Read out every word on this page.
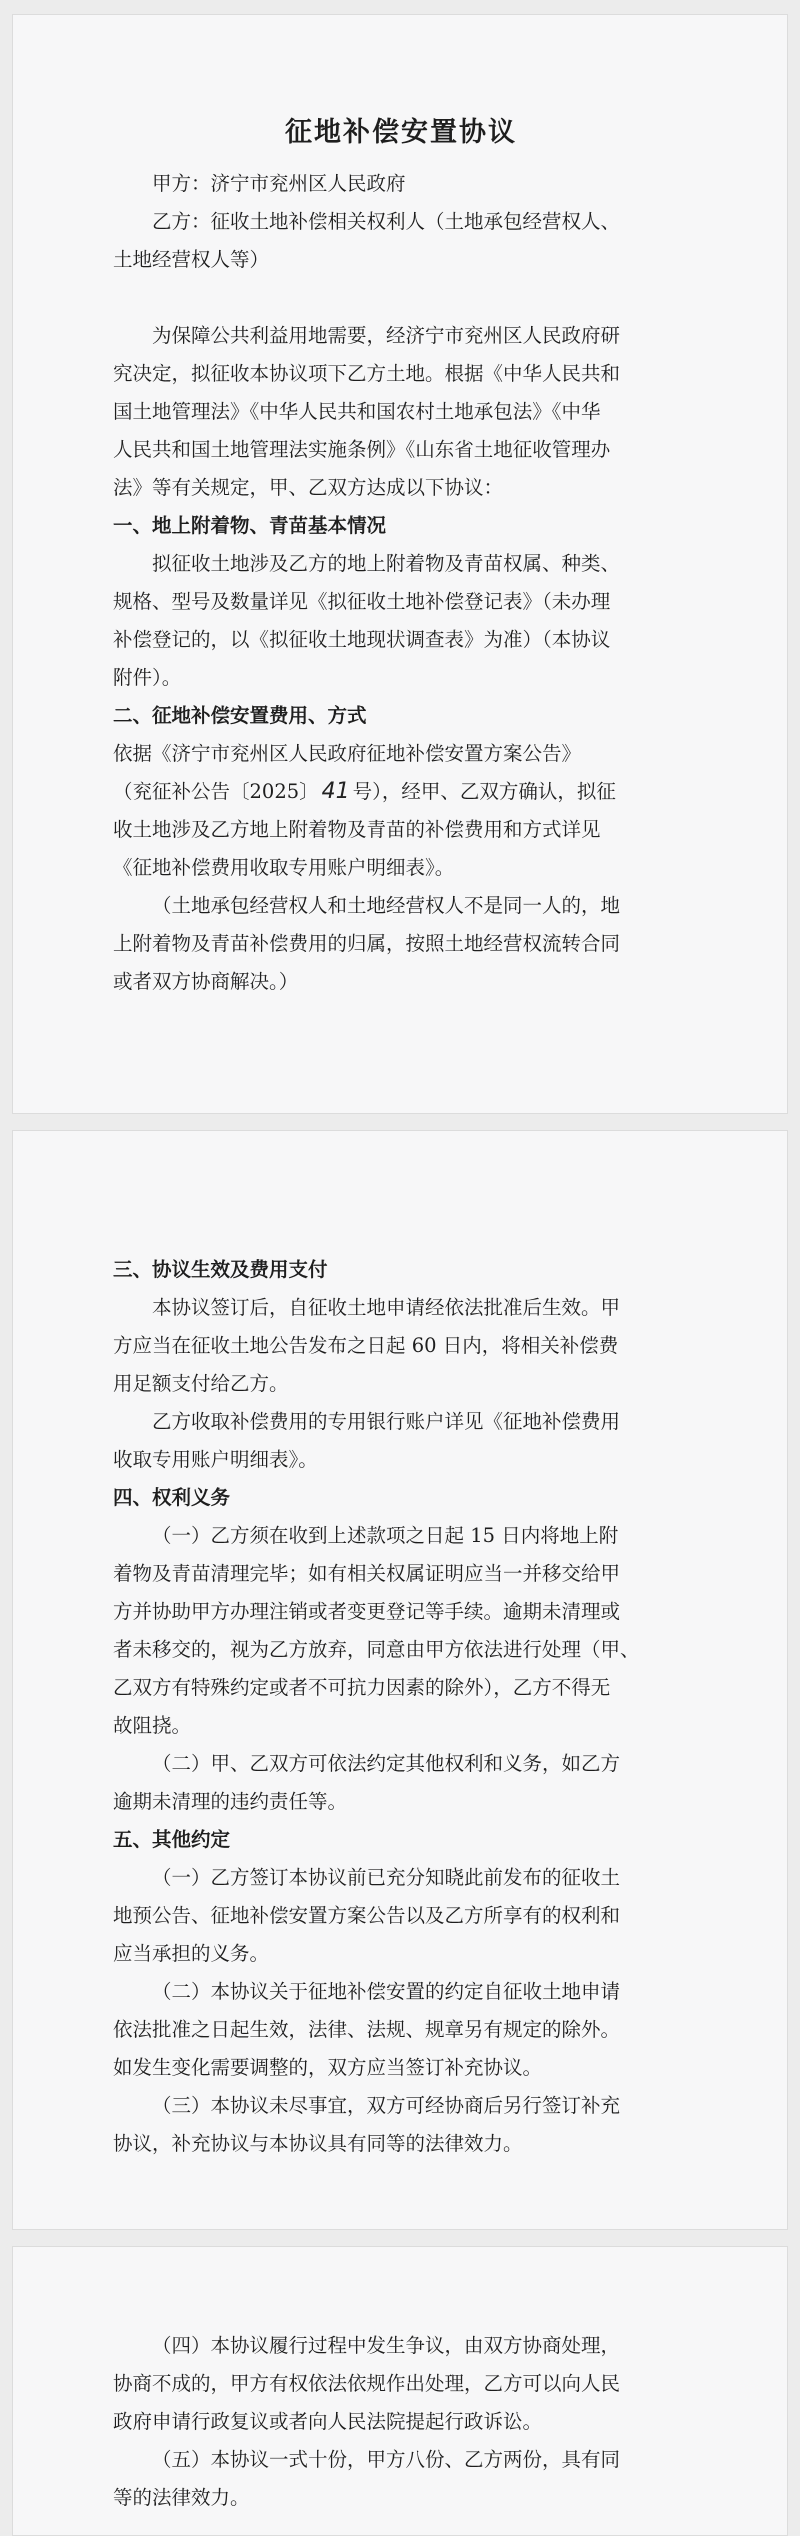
征地补偿安置协议
甲方：济宁市兖州区人民政府
乙方：征收土地补偿相关权利人（土地承包经营权人、
土地经营权人等）
为保障公共利益用地需要，经济宁市兖州区人民政府研
究决定，拟征收本协议项下乙方土地。根据《中华人民共和
国土地管理法》《中华人民共和国农村土地承包法》《中华
人民共和国土地管理法实施条例》《山东省土地征收管理办
法》等有关规定，甲、乙双方达成以下协议：
一、地上附着物、青苗基本情况
拟征收土地涉及乙方的地上附着物及青苗权属、种类、
规格、型号及数量详见《拟征收土地补偿登记表》（未办理
补偿登记的，以《拟征收土地现状调查表》为准）（本协议
附件）。
二、征地补偿安置费用、方式
依据《济宁市兖州区人民政府征地补偿安置方案公告》
（兖征补公告〔2025〕 41 号），经甲、乙双方确认，拟征
收土地涉及乙方地上附着物及青苗的补偿费用和方式详见
《征地补偿费用收取专用账户明细表》。
（土地承包经营权人和土地经营权人不是同一人的，地
上附着物及青苗补偿费用的归属，按照土地经营权流转合同
或者双方协商解决。）
三、协议生效及费用支付
本协议签订后，自征收土地申请经依法批准后生效。甲
方应当在征收土地公告发布之日起 60 日内，将相关补偿费
用足额支付给乙方。
乙方收取补偿费用的专用银行账户详见《征地补偿费用
收取专用账户明细表》。
四、权利义务
（一）乙方须在收到上述款项之日起 15 日内将地上附
着物及青苗清理完毕；如有相关权属证明应当一并移交给甲
方并协助甲方办理注销或者变更登记等手续。逾期未清理或
者未移交的，视为乙方放弃，同意由甲方依法进行处理（甲、
乙双方有特殊约定或者不可抗力因素的除外），乙方不得无
故阻挠。
（二）甲、乙双方可依法约定其他权利和义务，如乙方
逾期未清理的违约责任等。
五、其他约定
（一）乙方签订本协议前已充分知晓此前发布的征收土
地预公告、征地补偿安置方案公告以及乙方所享有的权利和
应当承担的义务。
（二）本协议关于征地补偿安置的约定自征收土地申请
依法批准之日起生效，法律、法规、规章另有规定的除外。
如发生变化需要调整的，双方应当签订补充协议。
（三）本协议未尽事宜，双方可经协商后另行签订补充
协议，补充协议与本协议具有同等的法律效力。
（四）本协议履行过程中发生争议，由双方协商处理，
协商不成的，甲方有权依法依规作出处理，乙方可以向人民
政府申请行政复议或者向人民法院提起行政诉讼。
（五）本协议一式十份，甲方八份、乙方两份，具有同
等的法律效力。
